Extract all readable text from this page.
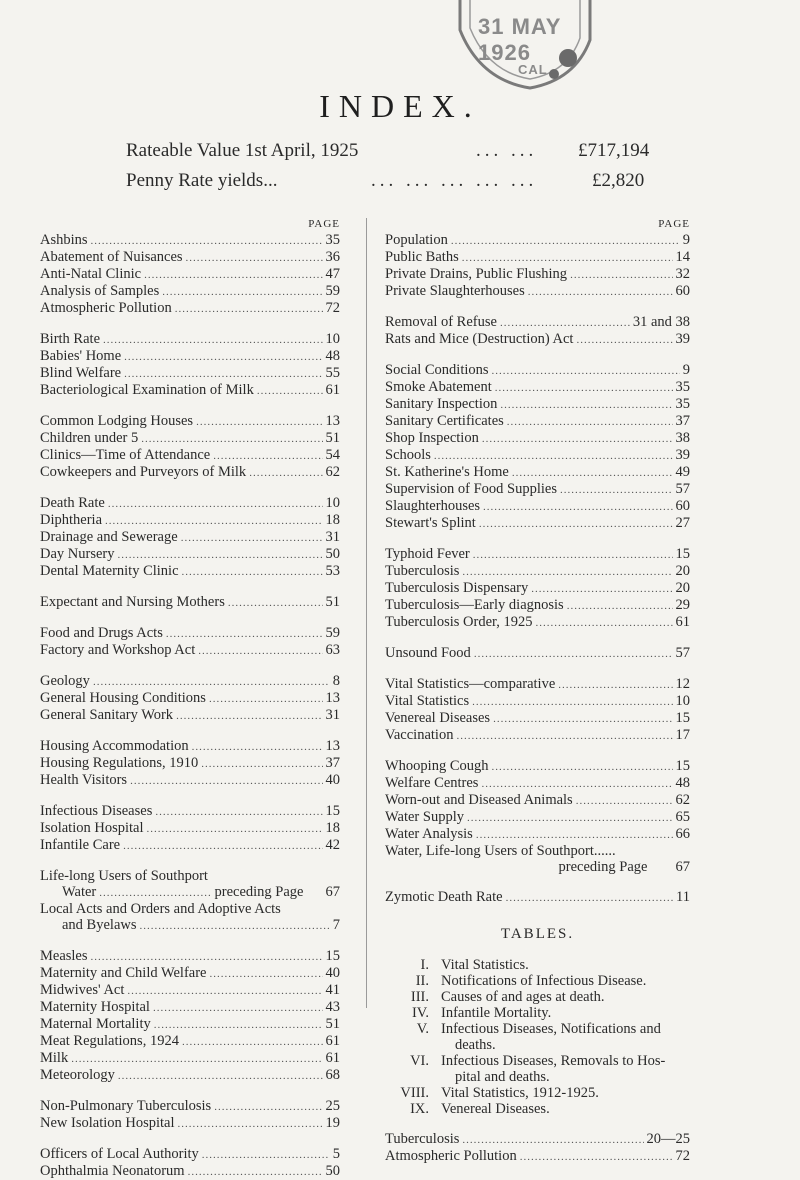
31 MAY 1926
CAL
INDEX.
Rateable Value 1st April, 1925	... ... £717,194
Penny Rate yields...	... ... ... ... ...	£2,820
PAGE
Ashbins .....	35
Abatement of Nuisances .....	36
Anti-Natal Clinic .....	47
Analysis of Samples .....	59
Atmospheric Pollution .....	72
Birth Rate .....	10
Babies' Home .....	48
Blind Welfare .....	55
Bacteriological Examination of Milk .....	61
Common Lodging Houses .....	13
Children under 5 .....	51
Clinics—Time of Attendance .....	54
Cowkeepers and Purveyors of Milk .....	62
Death Rate .....	10
Diphtheria .....	18
Drainage and Sewerage .....	31
Day Nursery .....	50
Dental Maternity Clinic .....	53
Expectant and Nursing Mothers .....	51
Food and Drugs Acts .....	59
Factory and Workshop Act .....	63
Geology .....	8
General Housing Conditions .....	13
General Sanitary Work .....	31
Housing Accommodation .....	13
Housing Regulations, 1910 .....	37
Health Visitors .....	40
Infectious Diseases .....	15
Isolation Hospital .....	18
Infantile Care .....	42
Life-long Users of Southport
Water .....	preceding Page 67
Local Acts and Orders and Adoptive Acts
and Byelaws .....	7
Measles .....	15
Maternity and Child Welfare .....	40
Midwives' Act .....	41
Maternity Hospital .....	43
Maternal Mortality .....	51
Meat Regulations, 1924 .....	61
Milk .....	61
Meteorology .....	68
Non-Pulmonary Tuberculosis .....	25
New Isolation Hospital .....	19
Officers of Local Authority .....	5
Ophthalmia Neonatorum .....	50
PAGE
Population .....	9
Public Baths .....	14
Private Drains, Public Flushing .....	32
Private Slaughterhouses .....	60
Removal of Refuse .....	31 and 38
Rats and Mice (Destruction) Act .....	39
Social Conditions .....	9
Smoke Abatement .....	35
Sanitary Inspection .....	35
Sanitary Certificates .....	37
Shop Inspection .....	38
Schools .....	39
St. Katherine's Home .....	49
Supervision of Food Supplies .....	57
Slaughterhouses .....	60
Stewart's Splint .....	27
Typhoid Fever .....	15
Tuberculosis .....	20
Tuberculosis Dispensary .....	20
Tuberculosis—Early diagnosis .....	29
Tuberculosis Order, 1925 .....	61
Unsound Food .....	57
Vital Statistics—comparative .....	12
Vital Statistics .....	10
Venereal Diseases .....	15
Vaccination .....	17
Whooping Cough .....	15
Welfare Centres .....	48
Worn-out and Diseased Animals .....	62
Water Supply .....	65
Water Analysis .....	66
Water, Life-long Users of Southport......
preceding Page 67
Zymotic Death Rate .....	11
TABLES.
I. Vital Statistics.
II. Notifications of Infectious Disease.
III. Causes of and ages at death.
IV. Infantile Mortality.
V. Infectious Diseases, Notifications and
deaths.
VI. Infectious Diseases, Removals to Hos-
pital and deaths.
VIII. Vital Statistics, 1912-1925.
IX. Venereal Diseases.
Tuberculosis .....	20—25
Atmospheric Pollution .....	72
